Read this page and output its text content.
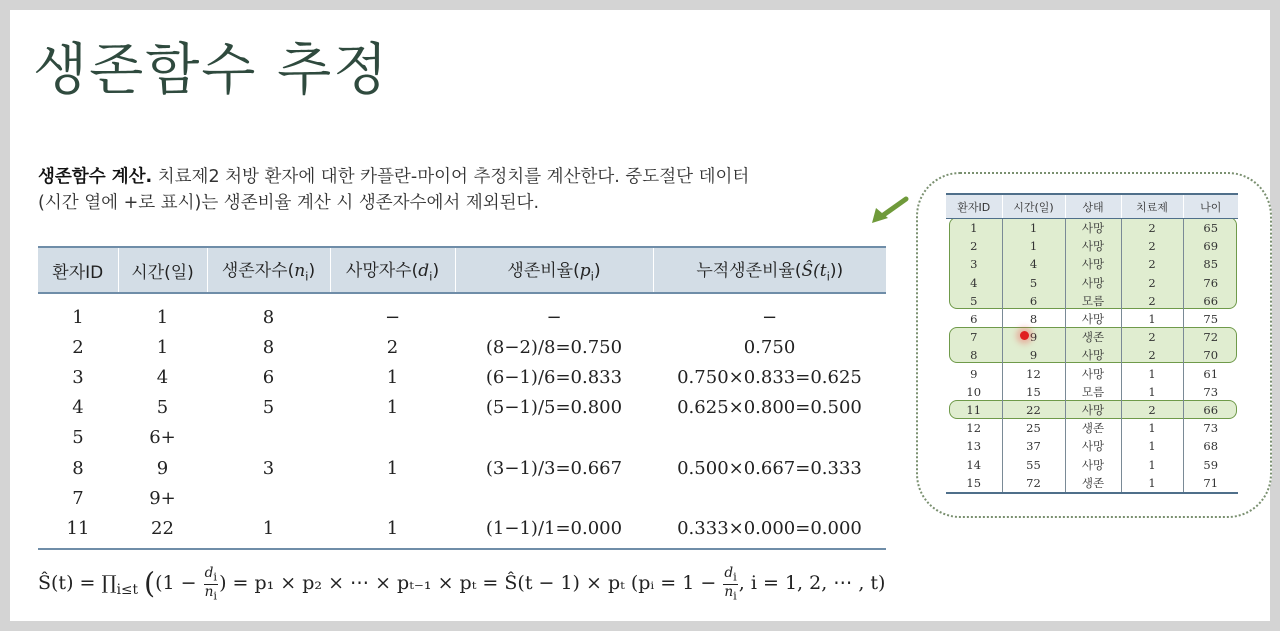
생존함수 추정
생존함수 계산. 치료제2 처방 환자에 대한 카플란-마이어 추정치를 계산한다. 중도절단 데이터
(시간 열에 +로 표시)는 생존비율 계산 시 생존자수에서 제외된다.
환자ID	시간(일)	생존자수$(n_i)$	사망자수$(d_i)$	생존비율$(p_i)$	누적생존비율$(Ŝ(t_i))$
1	1	8	−	−	−
2	1	8	2	(8−2)/8=0.750	0.750
3	4	6	1	(6−1)/6=0.833	0.750×0.833=0.625
4	5	5	1	(5−1)/5=0.800	0.625×0.800=0.500
5	6+				
8	9	3	1	(3−1)/3=0.667	0.500×0.667=0.333
7	9+				
11	22	1	1	(1−1)/1=0.000	0.333×0.000=0.000
Ŝ(t) = $\prod_{i\le t}$ (($1 - \frac{d_i}{n_i}$ ) = p₁ × p₂ × ⋯ × pₜ₋₁ × pₜ = Ŝ(t − 1) × pₜ (pᵢ = $1 - \frac{d_i}{n_i}$ , i = 1, 2, ⋯ , t)
환자ID	시간(일)	상태	치료제	나이
1	1	사망	2	65
2	1	사망	2	69
3	4	사망	2	85
4	5	사망	2	76
5	6	모름	2	66
6	8	사망	1	75
7	9	생존	2	72
8	9	사망	2	70
9	12	사망	1	61
10	15	모름	1	73
11	22	사망	2	66
12	25	생존	1	73
13	37	사망	1	68
14	55	사망	1	59
15	72	생존	1	71
